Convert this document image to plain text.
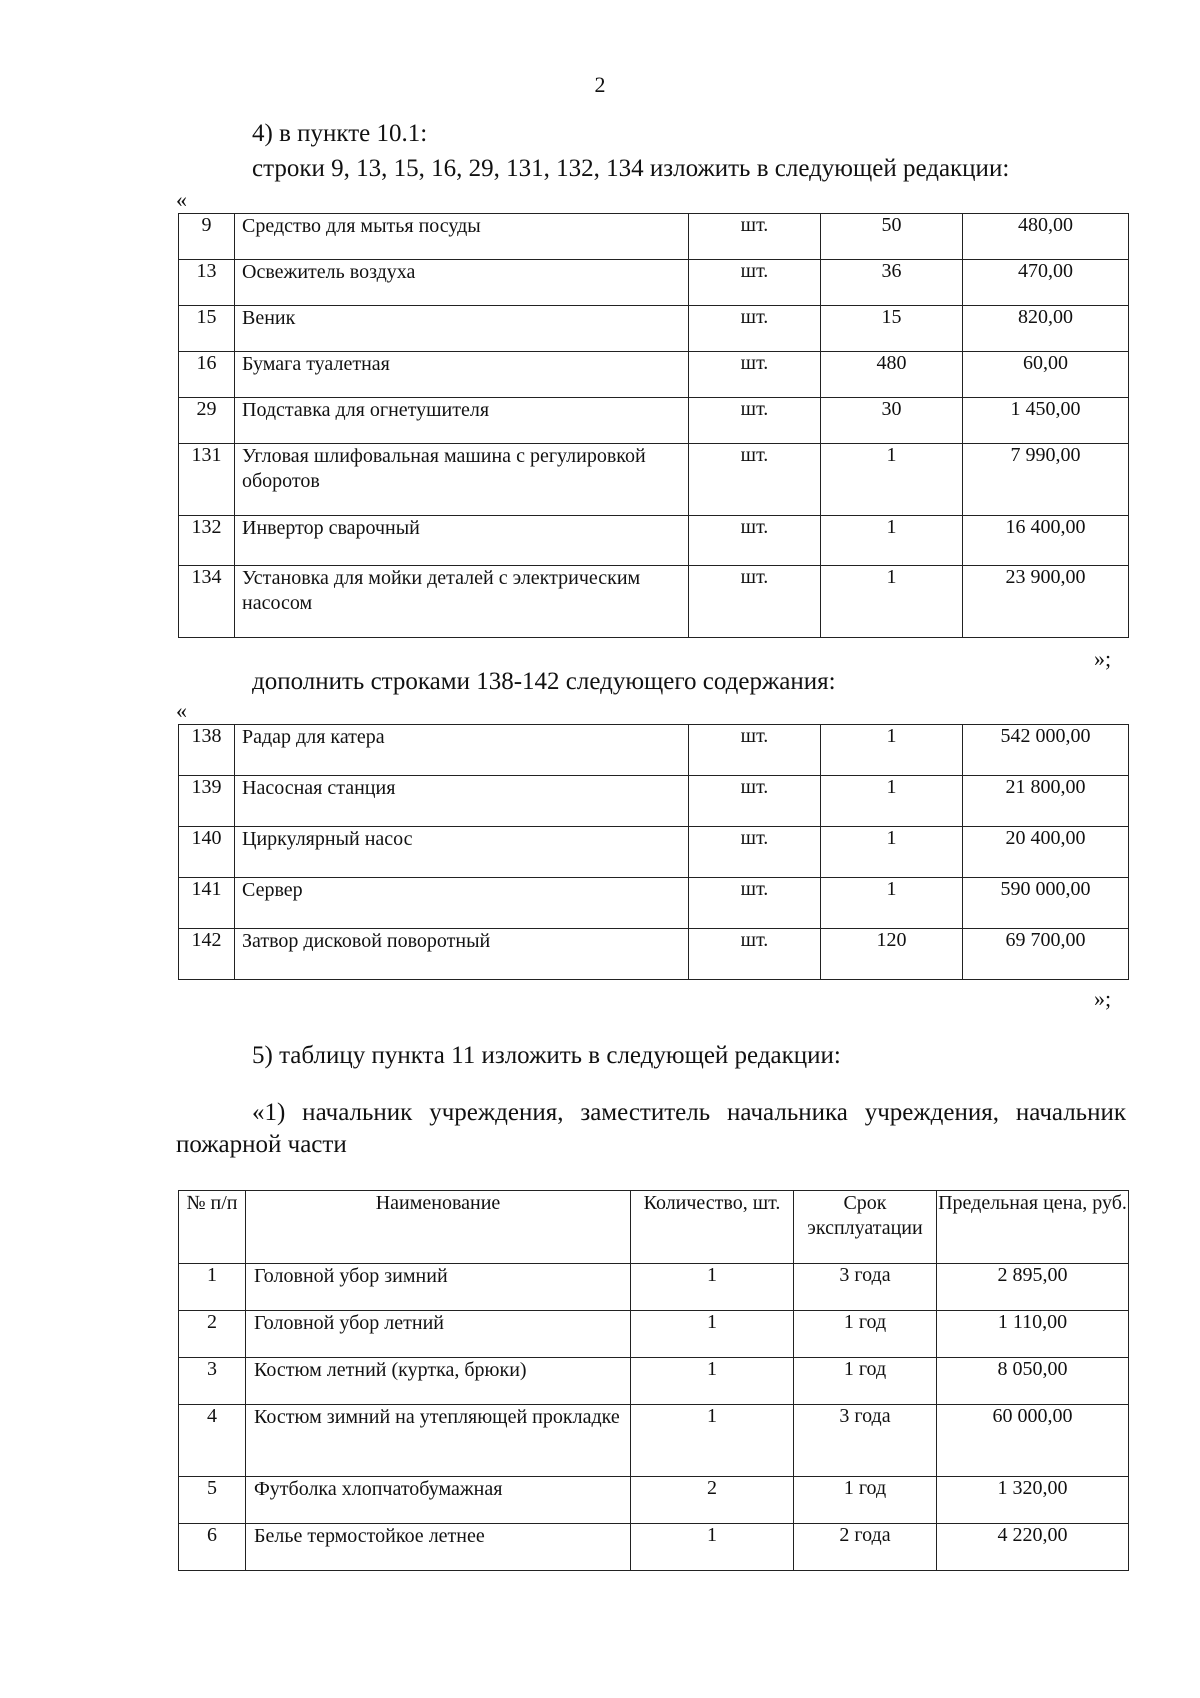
2
4) в пункте 10.1:
строки 9, 13, 15, 16, 29, 131, 132, 134 изложить в следующей редакции:
«
9	Средство для мытья посуды	шт.	50	480,00
13	Освежитель воздуха	шт.	36	470,00
15	Веник	шт.	15	820,00
16	Бумага туалетная	шт.	480	60,00
29	Подставка для огнетушителя	шт.	30	1 450,00
131	Угловая шлифовальная машина с регулировкой оборотов	шт.	1	7 990,00
132	Инвертор сварочный	шт.	1	16 400,00
134	Установка для мойки деталей с электрическим насосом	шт.	1	23 900,00
»;
дополнить строками 138-142 следующего содержания:
«
138	Радар для катера	шт.	1	542 000,00
139	Насосная станция	шт.	1	21 800,00
140	Циркулярный насос	шт.	1	20 400,00
141	Сервер	шт.	1	590 000,00
142	Затвор дисковой поворотный	шт.	120	69 700,00
»;
5) таблицу пункта 11 изложить в следующей редакции:
«1) начальник учреждения, заместитель начальника учреждения, начальник пожарной части
№ п/п	Наименование	Количество, шт.	Срок эксплуатации	Предельная цена, руб.
1	Головной убор зимний	1	3 года	2 895,00
2	Головной убор летний	1	1 год	1 110,00
3	Костюм летний (куртка, брюки)	1	1 год	8 050,00
4	Костюм зимний на утепляющей прокладке	1	3 года	60 000,00
5	Футболка хлопчатобумажная	2	1 год	1 320,00
6	Белье термостойкое летнее	1	2 года	4 220,00
